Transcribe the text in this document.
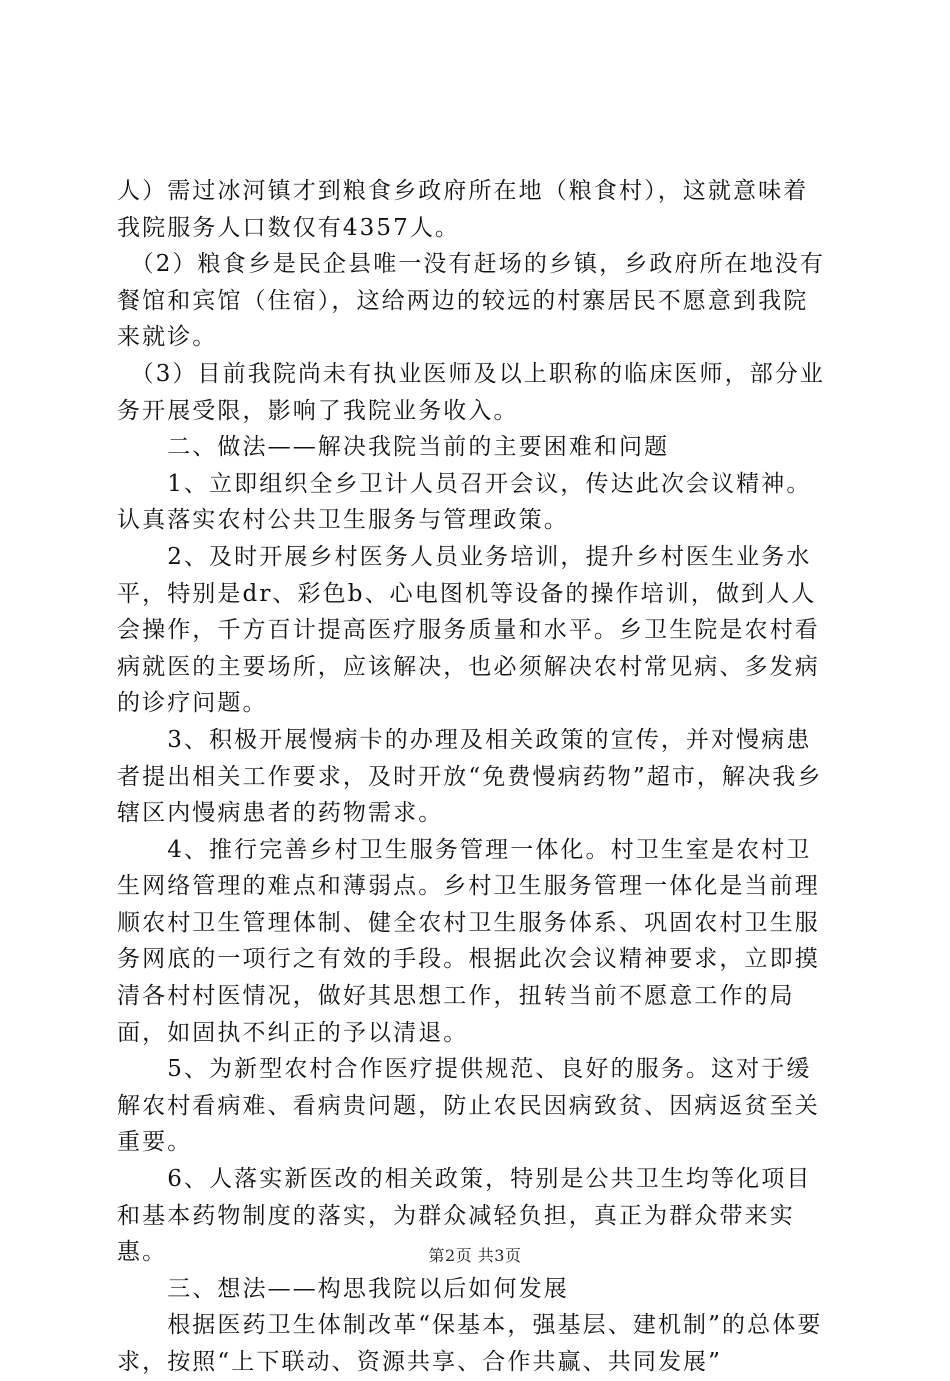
人）需过冰河镇才到粮食乡政府所在地（粮食村），这就意味着我院服务人口数仅有4357人。

　（2）粮食乡是民企县唯一没有赶场的乡镇，乡政府所在地没有餐馆和宾馆（住宿），这给两边的较远的村寨居民不愿意到我院来就诊。

　（3）目前我院尚未有执业医师及以上职称的临床医师，部分业务开展受限，影响了我院业务收入。

　　二、做法——解决我院当前的主要困难和问题

　　1、立即组织全乡卫计人员召开会议，传达此次会议精神。认真落实农村公共卫生服务与管理政策。

　　2、及时开展乡村医务人员业务培训，提升乡村医生业务水平，特别是dr、彩色b、心电图机等设备的操作培训，做到人人会操作，千方百计提高医疗服务质量和水平。乡卫生院是农村看病就医的主要场所，应该解决，也必须解决农村常见病、多发病的诊疗问题。

　　3、积极开展慢病卡的办理及相关政策的宣传，并对慢病患者提出相关工作要求，及时开放“免费慢病药物”超市，解决我乡辖区内慢病患者的药物需求。

　　4、推行完善乡村卫生服务管理一体化。村卫生室是农村卫生网络管理的难点和薄弱点。乡村卫生服务管理一体化是当前理顺农村卫生管理体制、健全农村卫生服务体系、巩固农村卫生服务网底的一项行之有效的手段。根据此次会议精神要求，立即摸清各村村医情况，做好其思想工作，扭转当前不愿意工作的局面，如固执不纠正的予以清退。

　　5、为新型农村合作医疗提供规范、良好的服务。这对于缓解农村看病难、看病贵问题，防止农民因病致贫、因病返贫至关重要。

　　6、人落实新医改的相关政策，特别是公共卫生均等化项目和基本药物制度的落实，为群众减轻负担，真正为群众带来实惠。

　　三、想法——构思我院以后如何发展

　　根据医药卫生体制改革“保基本，强基层、建机制”的总体要求，按照“上下联动、资源共享、合作共赢、共同发展”

第2页 共3页
